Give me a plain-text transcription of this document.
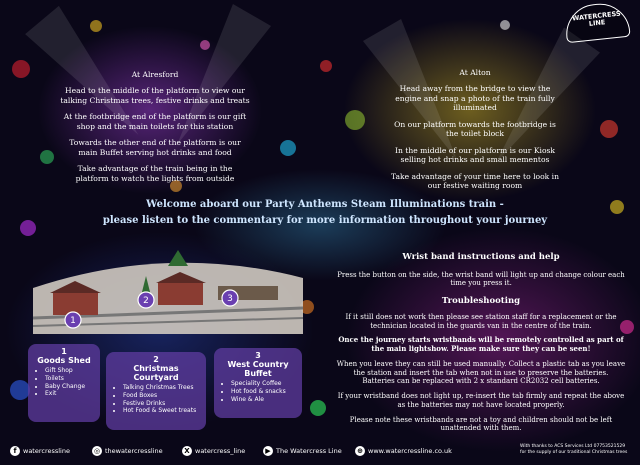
WATERCRESS LINE

At Alresford

Head to the middle of the platform to view our talking Christmas trees, festive drinks and treats

At the footbridge end of the platform is our gift shop and the main toilets for this station

Towards the other end of the platform is our main Buffet serving hot drinks and food

Take advantage of the train being in the platform to watch the lights from outside

At Alton

Head away from the bridge to view the engine and snap a photo of the train fully illuminated

On our platform towards the footbridge is the toilet block

In the middle of our platform is our Kiosk selling hot drinks and small mementos

Take advantage of your time here to look in our festive waiting room

Welcome aboard our Party Anthems Steam Illuminations train -
please listen to the commentary for more information throughout your journey
1
2	3
1
Goods Shed
• Gift Shop
• Toilets
• Baby Change
• Exit
2
Christmas Courtyard
• Talking Christmas Trees
• Food Boxes
• Festive Drinks
• Hot Food & Sweet treats
3
West Country Buffet
• Speciality Coffee
• Hot food & snacks
• Wine & Ale
Wrist band instructions and help

Press the button on the side, the wrist band will light up and change colour each time you press it.

Troubleshooting

If it still does not work then please see station staff for a replacement or the technician located in the guards van in the centre of the train.

Once the journey starts wristbands will be remotely controlled as part of the main lightshow. Please make sure they can be seen!

When you leave they can still be used manually. Collect a plastic tab as you leave the station and insert the tab when not in use to preserve the batteries.

Batteries can be replaced with 2 x standard CR2032 cell batteries.

If your wristband does not light up, re-insert the tab firmly and repeat the above as the batteries may not have located properly.

Please note these wristbands are not a toy and children should not be left unattended with them.

f watercressline	◎ thewatercressline	X watercress_line	▶ The Watercress Line ⊕ www.watercressline.co.uk
With thanks to ACS Services Ltd 07753521529
for the supply of our traditional Christmas trees
